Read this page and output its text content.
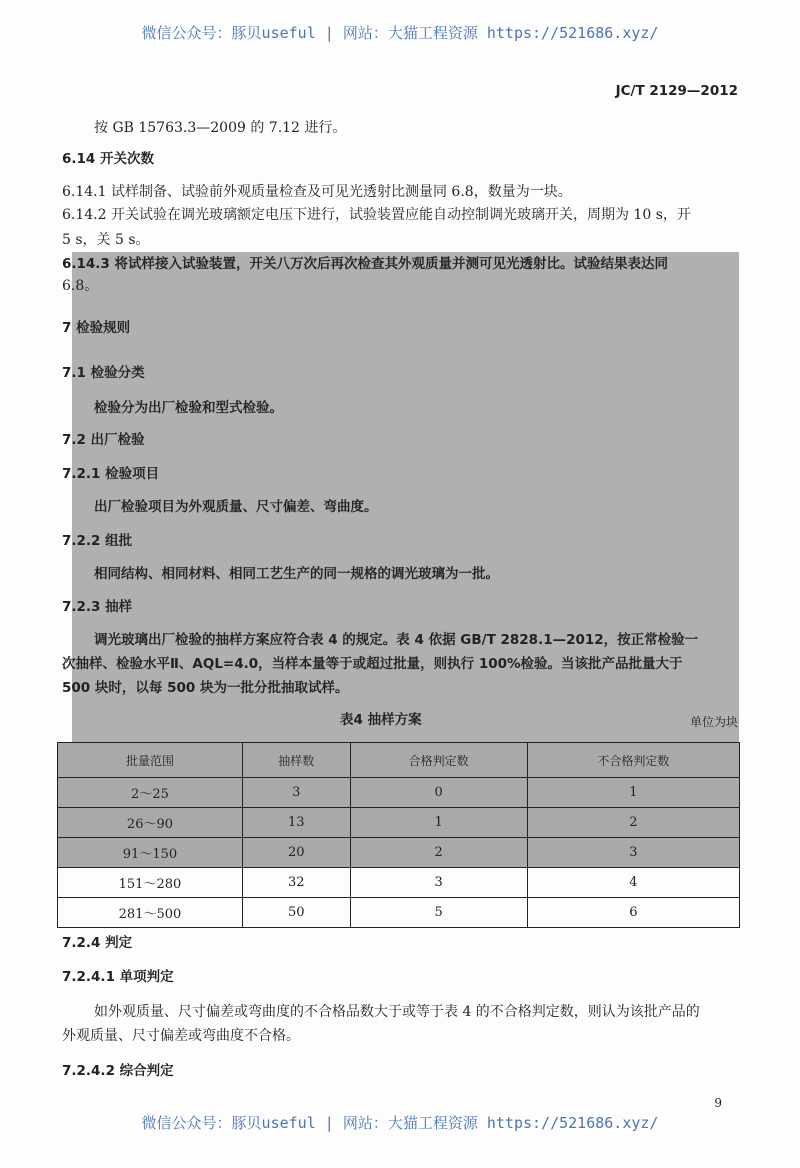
微信公众号：豚贝useful | 网站：大猫工程资源 https://521686.xyz/
JC/T 2129—2012
按 GB 15763.3—2009 的 7.12 进行。
6.14 开关次数
6.14.1 试样制备、试验前外观质量检查及可见光透射比测量同 6.8，数量为一块。
6.14.2 开关试验在调光玻璃额定电压下进行，试验装置应能自动控制调光玻璃开关，周期为 10 s，开
5 s，关 5 s。
6.14.3 将试样接入试验装置，开关八万次后再次检查其外观质量并测可见光透射比。试验结果表达同
6.8。
7 检验规则
7.1 检验分类
检验分为出厂检验和型式检验。
7.2 出厂检验
7.2.1 检验项目
出厂检验项目为外观质量、尺寸偏差、弯曲度。
7.2.2 组批
相同结构、相同材料、相同工艺生产的同一规格的调光玻璃为一批。
7.2.3 抽样
调光玻璃出厂检验的抽样方案应符合表 4 的规定。表 4 依据 GB/T 2828.1—2012，按正常检验一
次抽样、检验水平Ⅱ、AQL=4.0，当样本量等于或超过批量，则执行 100%检验。当该批产品批量大于
500 块时，以每 500 块为一批分批抽取试样。
表4 抽样方案	单位为块
批量范围	抽样数	合格判定数	不合格判定数
2～25	3	0	1
26～90	13	1	2
91～150	20	2	3
151～280	32	3	4
281～500	50	5	6
7.2.4 判定
7.2.4.1 单项判定
如外观质量、尺寸偏差或弯曲度的不合格品数大于或等于表 4 的不合格判定数，则认为该批产品的
外观质量、尺寸偏差或弯曲度不合格。
7.2.4.2 综合判定
9
微信公众号：豚贝useful | 网站：大猫工程资源 https://521686.xyz/
